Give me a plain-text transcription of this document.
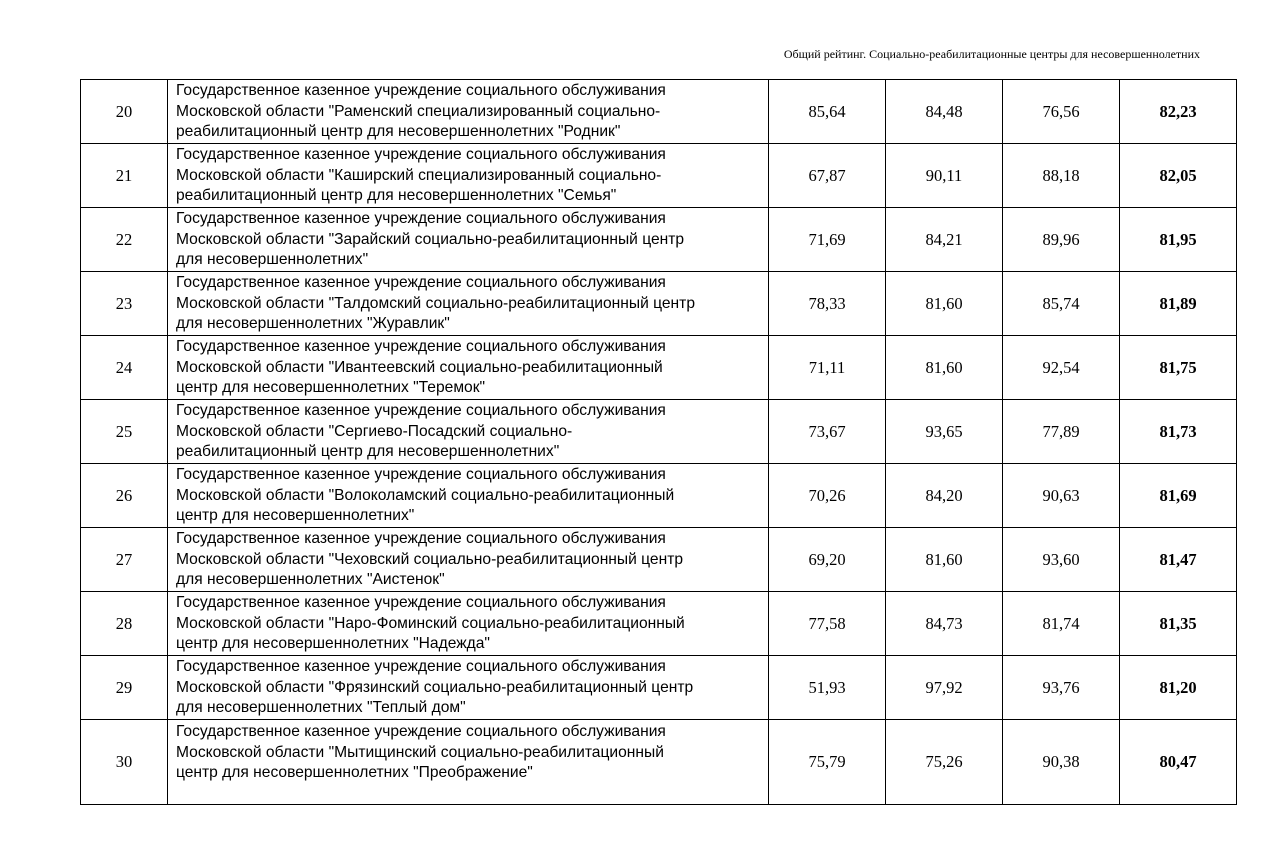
Общий рейтинг. Социально-реабилитационные центры для несовершеннолетних
20	Государственное казенное учреждение социального обслуживания
Московской области "Раменский специализированный социально-
реабилитационный центр для несовершеннолетних "Родник"	85,64	84,48	76,56	82,23
21	Государственное казенное учреждение социального обслуживания
Московской области "Каширский специализированный социально-
реабилитационный центр для несовершеннолетних "Семья"	67,87	90,11	88,18	82,05
22	Государственное казенное учреждение социального обслуживания
Московской области "Зарайский социально-реабилитационный центр
для несовершеннолетних"	71,69	84,21	89,96	81,95
23	Государственное казенное учреждение социального обслуживания
Московской области "Талдомский социально-реабилитационный центр
для несовершеннолетних "Журавлик"	78,33	81,60	85,74	81,89
24	Государственное казенное учреждение социального обслуживания
Московской области "Ивантеевский социально-реабилитационный
центр для несовершеннолетних "Теремок"	71,11	81,60	92,54	81,75
25	Государственное казенное учреждение социального обслуживания
Московской области "Сергиево-Посадский социально-
реабилитационный центр для несовершеннолетних"	73,67	93,65	77,89	81,73
26	Государственное казенное учреждение социального обслуживания
Московской области "Волоколамский социально-реабилитационный
центр для несовершеннолетних"	70,26	84,20	90,63	81,69
27	Государственное казенное учреждение социального обслуживания
Московской области "Чеховский социально-реабилитационный центр
для несовершеннолетних "Аистенок"	69,20	81,60	93,60	81,47
28	Государственное казенное учреждение социального обслуживания
Московской области "Наро-Фоминский социально-реабилитационный
центр для несовершеннолетних "Надежда"	77,58	84,73	81,74	81,35
29	Государственное казенное учреждение социального обслуживания
Московской области "Фрязинский социально-реабилитационный центр
для несовершеннолетних "Теплый дом"	51,93	97,92	93,76	81,20
30	Государственное казенное учреждение социального обслуживания
Московской области "Мытищинский социально-реабилитационный
центр для несовершеннолетних "Преображение"	75,79	75,26	90,38	80,47
